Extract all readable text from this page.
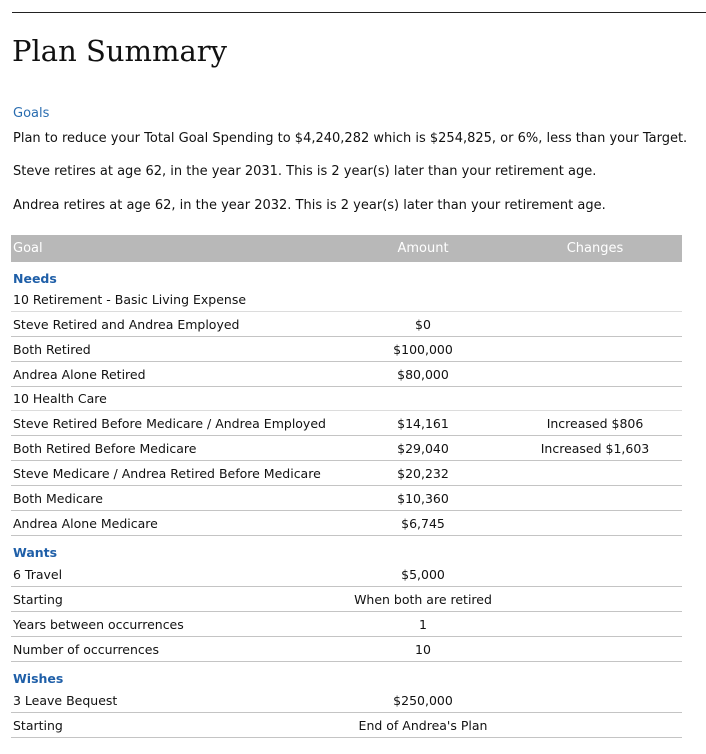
Plan Summary
Goals
Plan to reduce your Total Goal Spending to $4,240,282 which is $254,825, or 6%, less than your Target.
Steve retires at age 62, in the year 2031. This is 2 year(s) later than your retirement age.
Andrea retires at age 62, in the year 2032. This is 2 year(s) later than your retirement age.
Goal	Amount	Changes
Needs		
10 Retirement - Basic Living Expense		
Steve Retired and Andrea Employed	$0	
Both Retired	$100,000	
Andrea Alone Retired	$80,000	
10 Health Care		
Steve Retired Before Medicare / Andrea Employed	$14,161	Increased $806
Both Retired Before Medicare	$29,040	Increased $1,603
Steve Medicare / Andrea Retired Before Medicare	$20,232	
Both Medicare	$10,360	
Andrea Alone Medicare	$6,745	
Wants		
6 Travel	$5,000	
Starting	When both are retired	
Years between occurrences	1	
Number of occurrences	10	
Wishes		
3 Leave Bequest	$250,000	
Starting	End of Andrea's Plan	
